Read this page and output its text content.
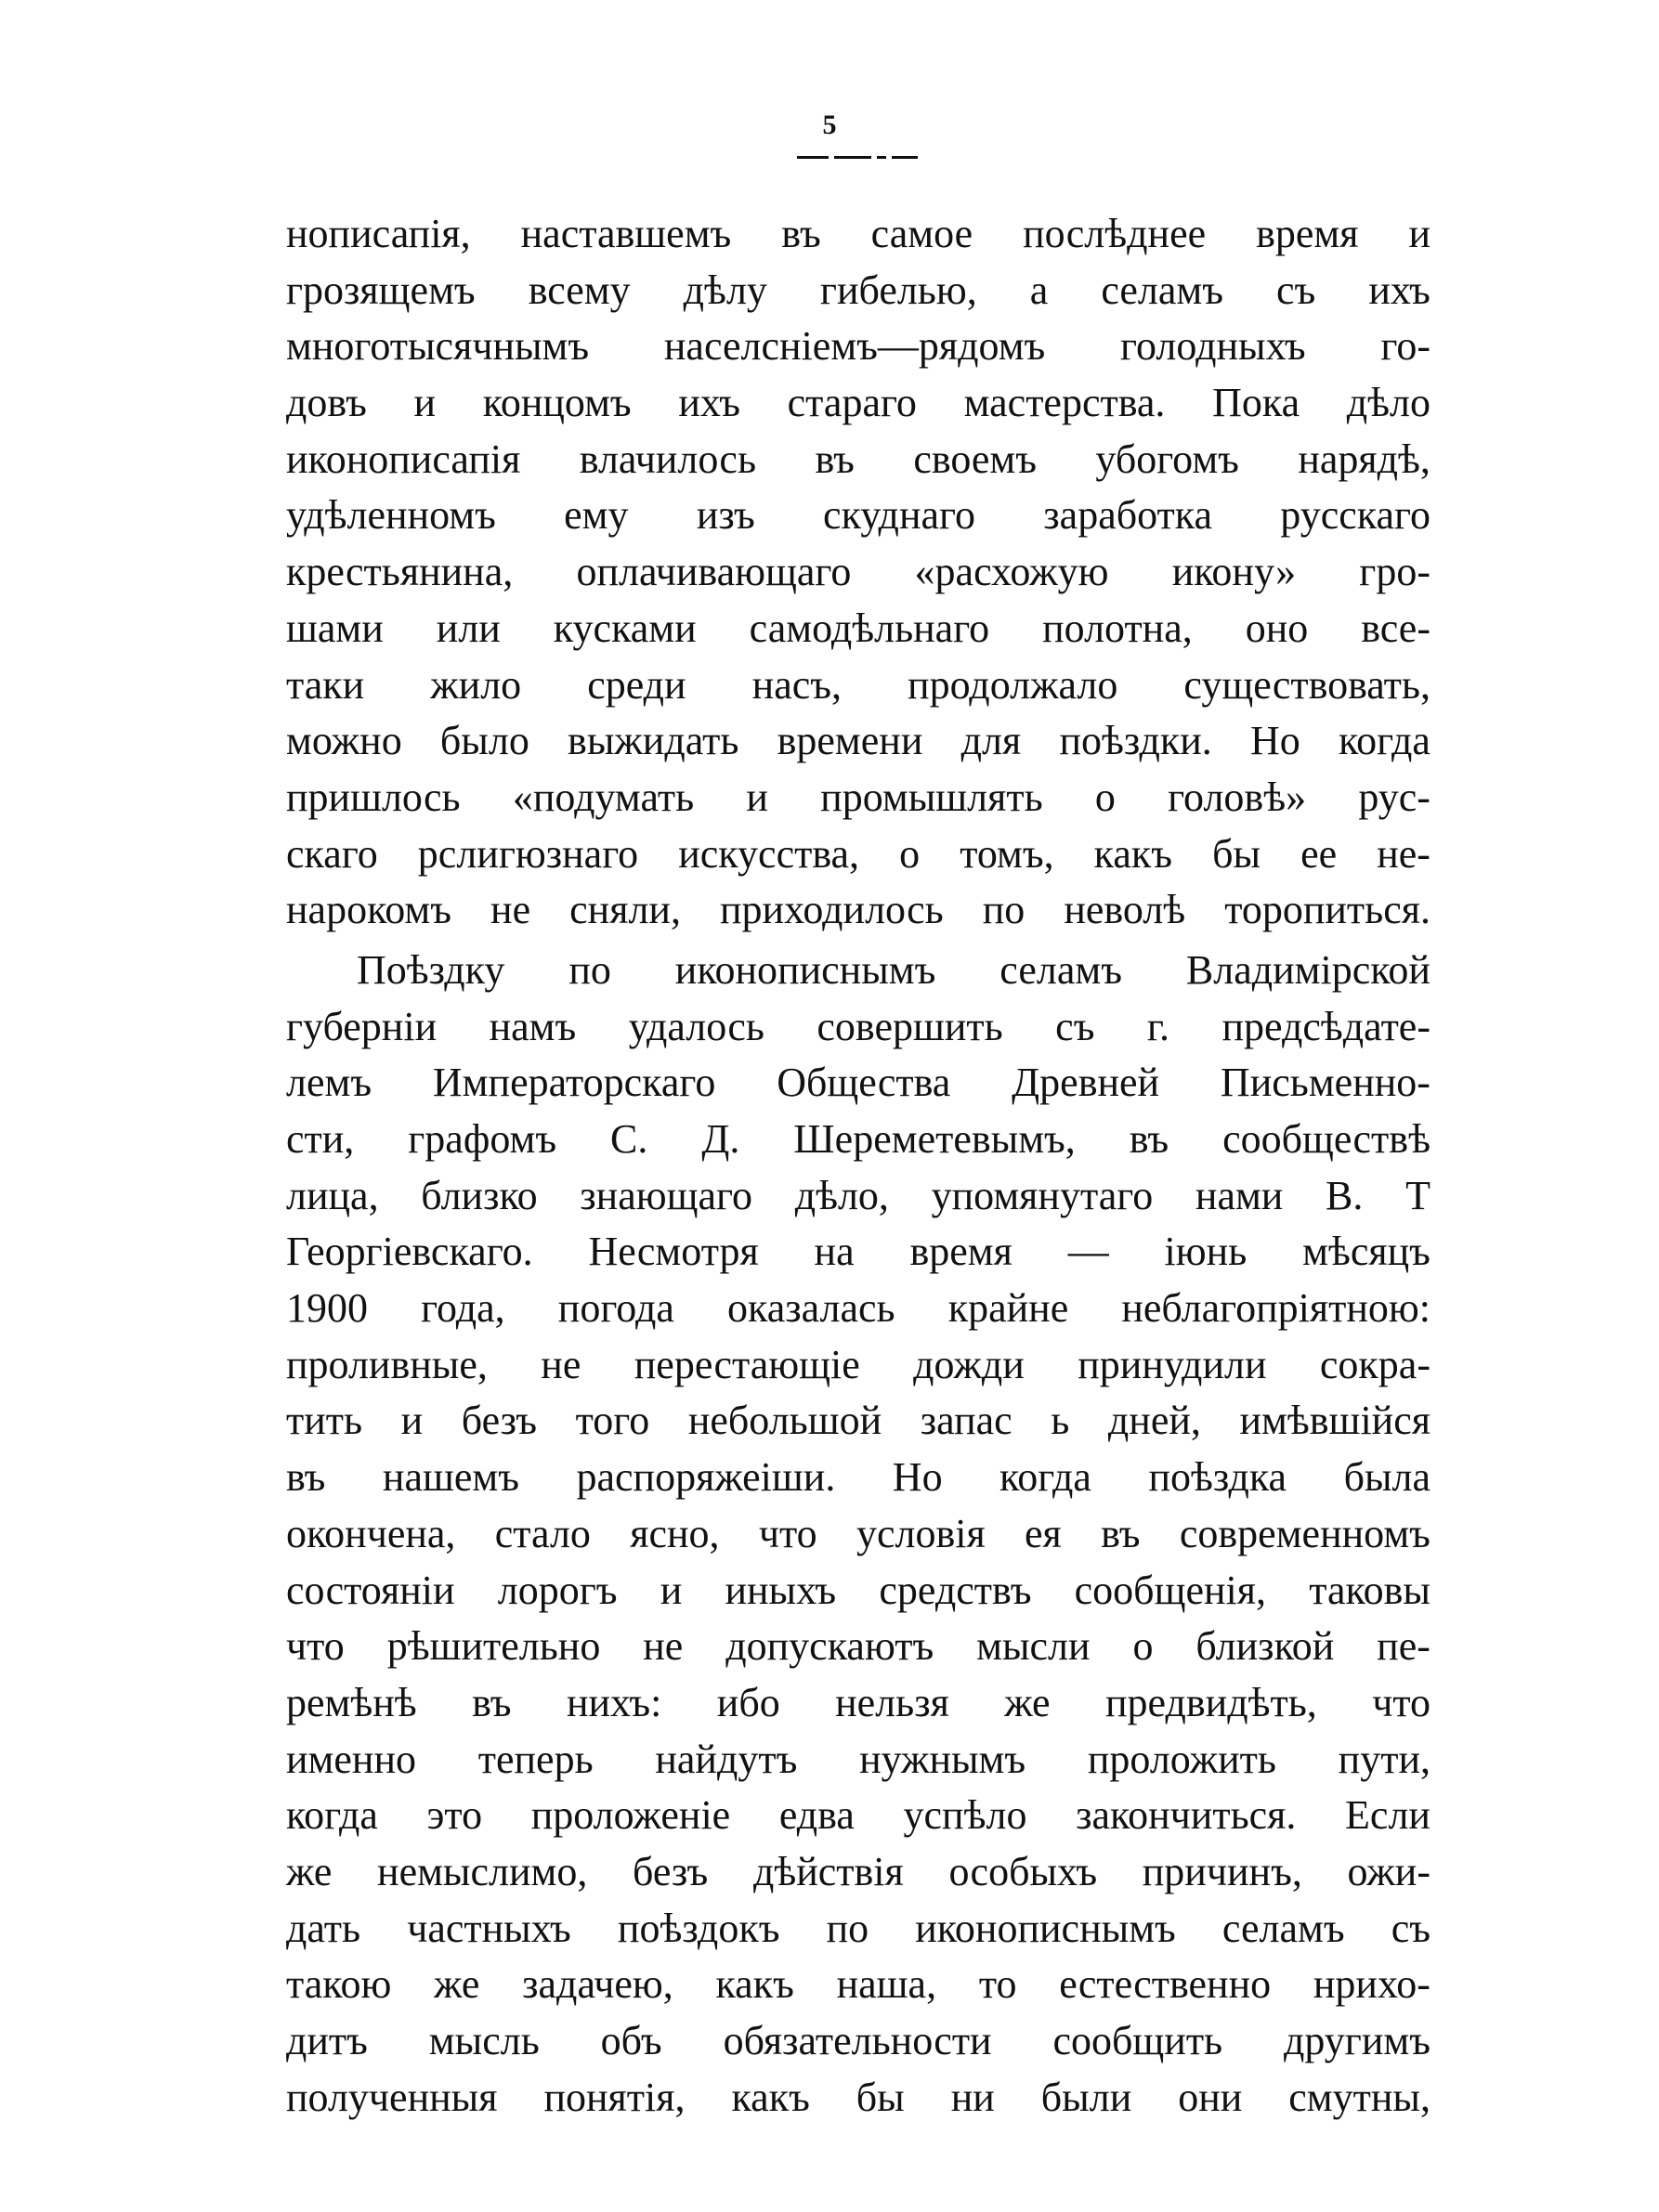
5
нописапія, наставшемъ въ самое послѣднее время и
грозящемъ всему дѣлу гибелью, а селамъ съ ихъ
многотысячнымъ населсніемъ—рядомъ голодныхъ го-
довъ и концомъ ихъ стараго мастерства. Пока дѣло
иконописапія влачилось въ своемъ убогомъ нарядѣ,
удѣленномъ ему изъ скуднаго заработка русскаго
крестьянина, оплачивающаго «расхожую икону» гро-
шами или кусками самодѣльнаго полотна, оно все-
таки жило среди насъ, продолжало существовать,
можно было выжидать времени для поѣздки. Но когда
пришлось «подумать и промышлять о головѣ» рус-
скаго рслигюзнаго искусства, о томъ, какъ бы ее не-
нарокомъ не сняли, приходилось по неволѣ торопиться.
Поѣздку по иконописнымъ селамъ Владимірской
губерніи намъ удалось совершить съ г. предсѣдате-
лемъ Императорскаго Общества Древней Письменно-
сти, графомъ С. Д. Шереметевымъ, въ сообществѣ
лица, близко знающаго дѣло, упомянутаго нами В. Т
Георгіевскаго. Несмотря на время — іюнь мѣсяцъ
1900 года, погода оказалась крайне неблагопріятною:
проливные, не перестающіе дожди принудили сокра-
тить и безъ того небольшой запас ь дней, имѣвшійся
въ нашемъ распоряжеіши. Но когда поѣздка была
окончена, стало ясно, что условія ея въ современномъ
состояніи лорогъ и иныхъ средствъ сообщенія, таковы
что рѣшительно не допускаютъ мысли о близкой пе-
ремѣнѣ въ нихъ: ибо нельзя же предвидѣть, что
именно теперь найдутъ нужнымъ проложить пути,
когда это проложеніе едва успѣло закончиться. Если
же немыслимо, безъ дѣйствія особыхъ причинъ, ожи-
дать частныхъ поѣздокъ по иконописнымъ селамъ съ
такою же задачею, какъ наша, то естественно нрихо-
дитъ мысль объ обязательности сообщить другимъ
полученныя понятія, какъ бы ни были они смутны,
